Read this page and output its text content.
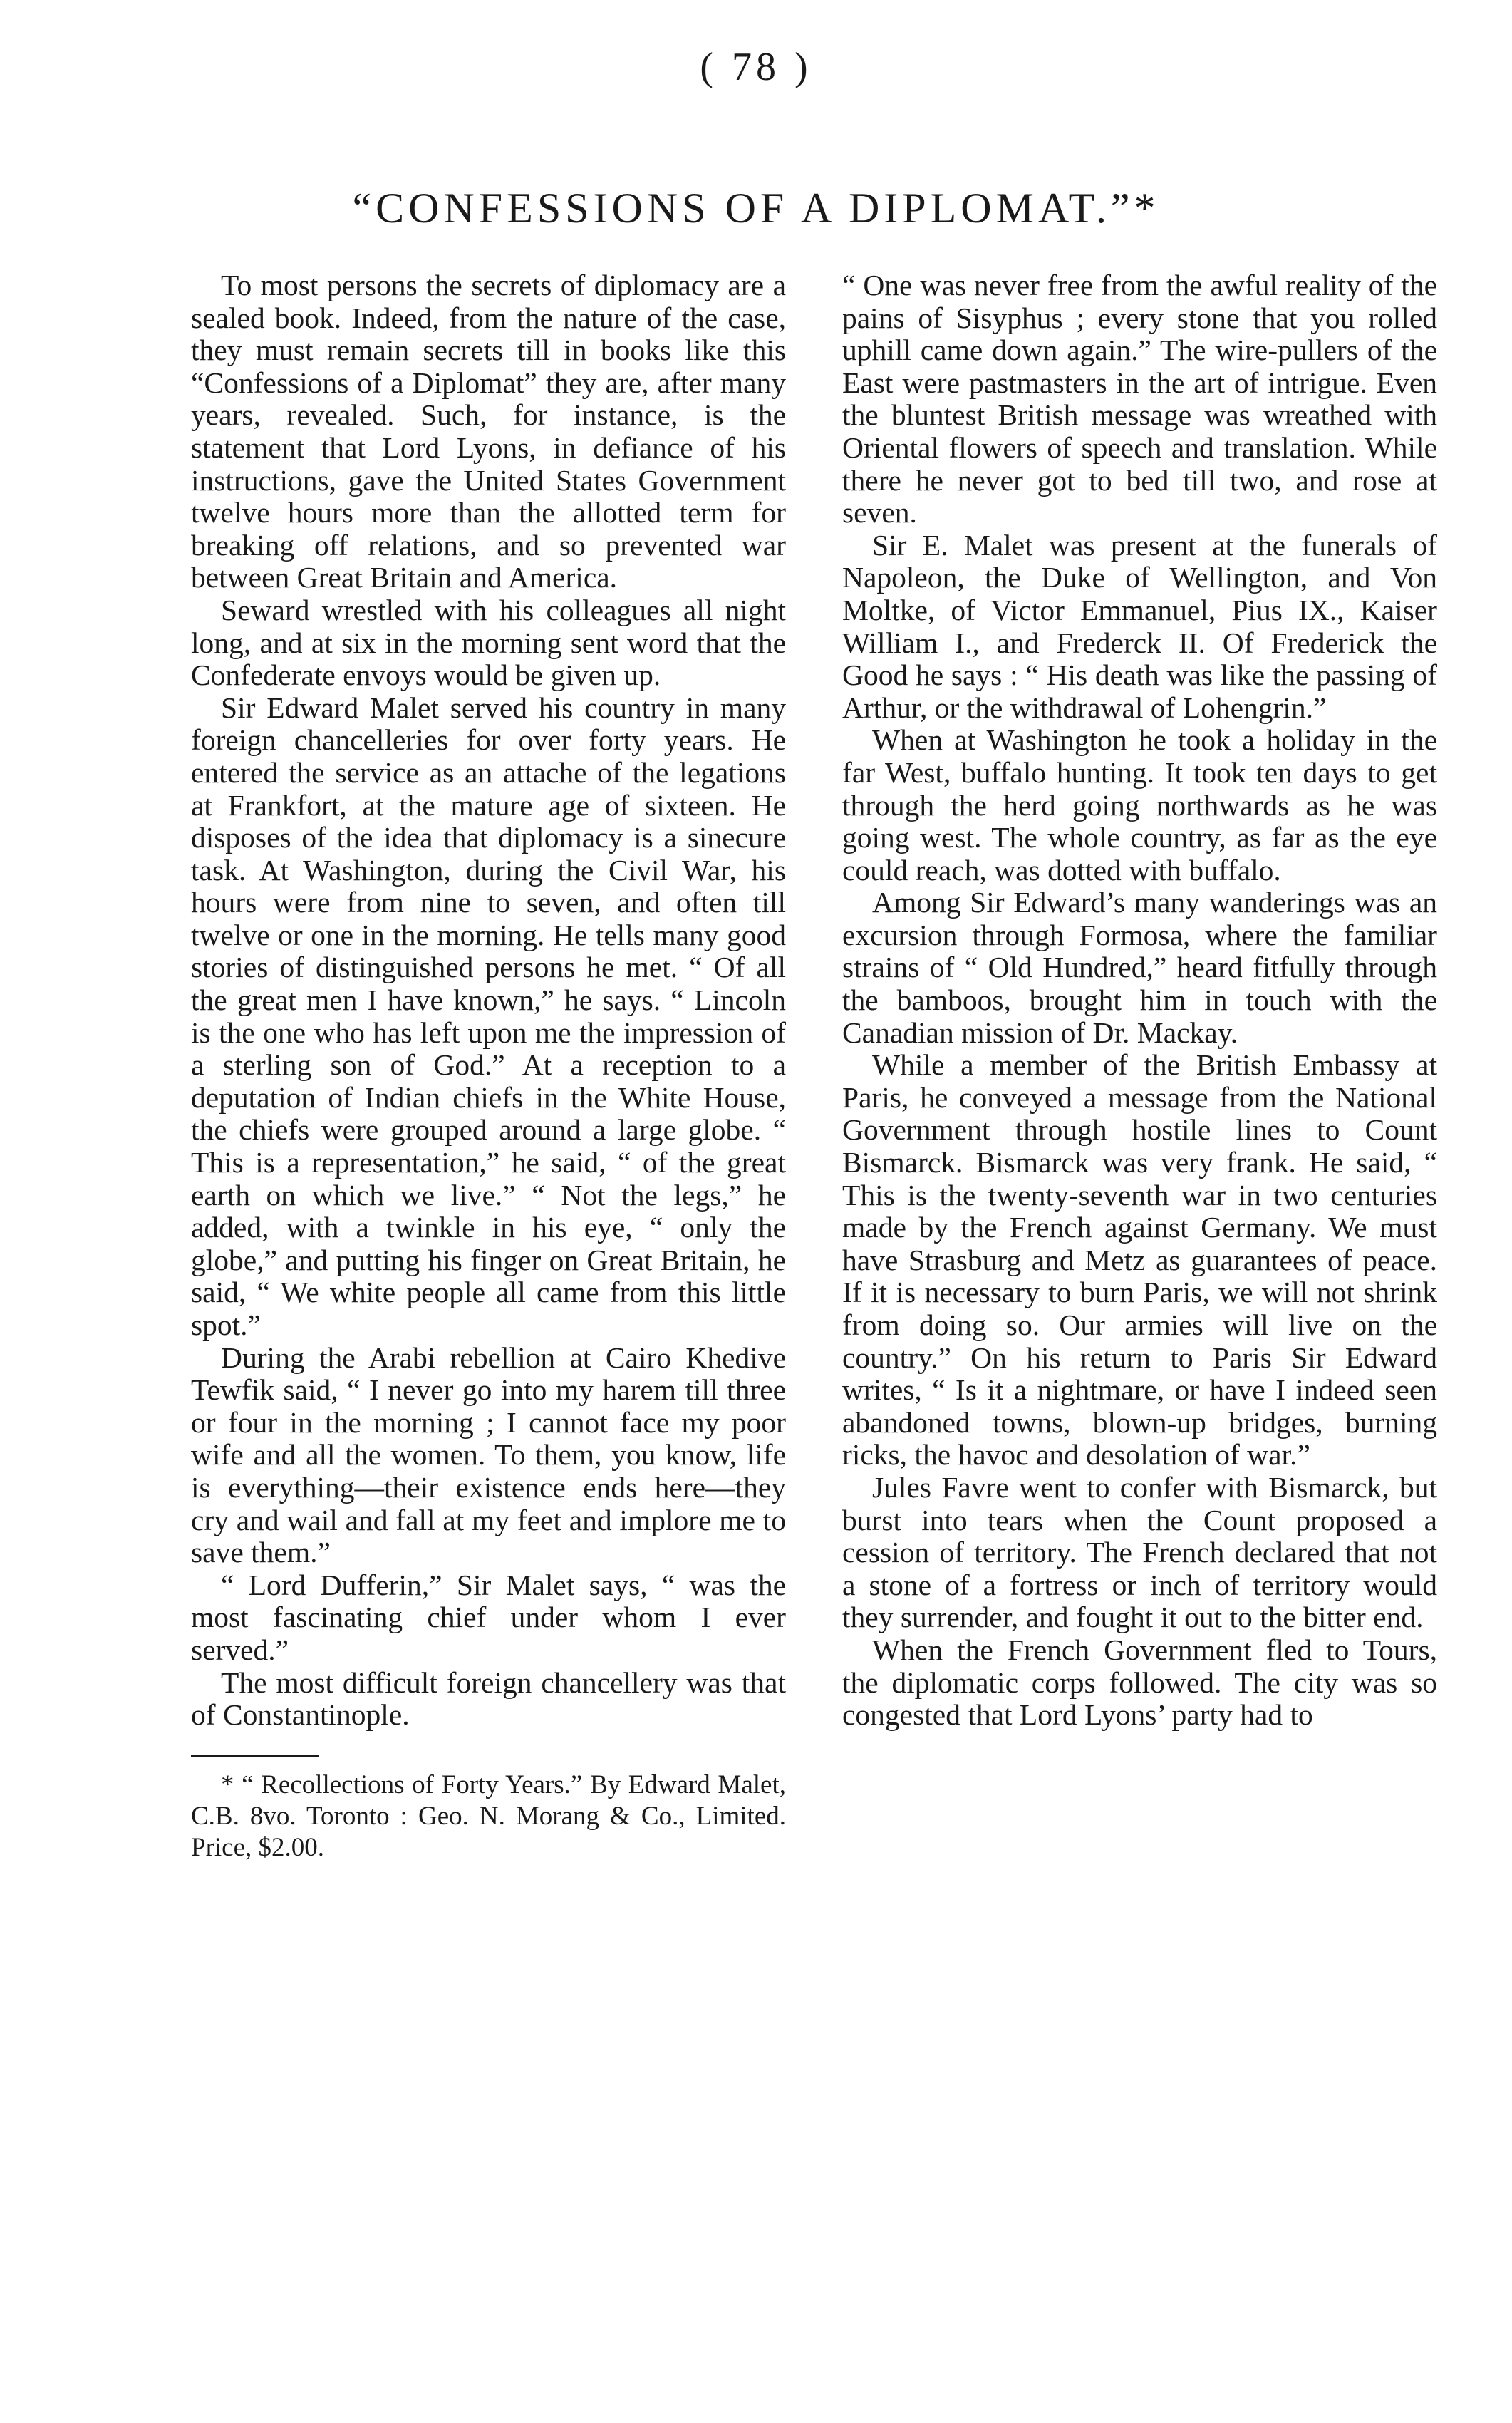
( 78 )
“CONFESSIONS OF A DIPLOMAT.”*

To most persons the secrets of diplomacy are a sealed book. Indeed, from the nature of the case, they must remain secrets till in books like this “Confessions of a Diplomat” they are, after many years, revealed. Such, for instance, is the statement that Lord Lyons, in defiance of his instructions, gave the United States Government twelve hours more than the allotted term for breaking off relations, and so prevented war between Great Britain and America.

Seward wrestled with his colleagues all night long, and at six in the morning sent word that the Confederate envoys would be given up.

Sir Edward Malet served his country in many foreign chancelleries for over forty years. He entered the service as an attache of the legations at Frankfort, at the mature age of sixteen. He disposes of the idea that diplomacy is a sinecure task. At Washington, during the Civil War, his hours were from nine to seven, and often till twelve or one in the morning. He tells many good stories of distinguished persons he met. “ Of all the great men I have known,” he says. “ Lincoln is the one who has left upon me the impression of a sterling son of God.” At a reception to a deputation of Indian chiefs in the White House, the chiefs were grouped around a large globe. “ This is a representation,” he said, “ of the great earth on which we live.” “ Not the legs,” he added, with a twinkle in his eye, “ only the globe,” and putting his finger on Great Britain, he said, “ We white people all came from this little spot.”

During the Arabi rebellion at Cairo Khedive Tewfik said, “ I never go into my harem till three or four in the morning ; I cannot face my poor wife and all the women. To them, you know, life is everything—their existence ends here—they cry and wail and fall at my feet and implore me to save them.”

“ Lord Dufferin,” Sir Malet says, “ was the most fascinating chief under whom I ever served.”

The most difficult foreign chancellery was that of Constantinople.

* “ Recollections of Forty Years.” By Edward Malet, C.B. 8vo. Toronto : Geo. N. Morang & Co., Limited. Price, $2.00.

“ One was never free from the awful reality of the pains of Sisyphus ; every stone that you rolled uphill came down again.” The wire-pullers of the East were pastmasters in the art of intrigue. Even the bluntest British message was wreathed with Oriental flowers of speech and translation. While there he never got to bed till two, and rose at seven.

Sir E. Malet was present at the funerals of Napoleon, the Duke of Wellington, and Von Moltke, of Victor Emmanuel, Pius IX., Kaiser William I., and Frederck II. Of Frederick the Good he says : “ His death was like the passing of Arthur, or the withdrawal of Lohengrin.”

When at Washington he took a holiday in the far West, buffalo hunting. It took ten days to get through the herd going northwards as he was going west. The whole country, as far as the eye could reach, was dotted with buffalo.

Among Sir Edward’s many wanderings was an excursion through Formosa, where the familiar strains of “ Old Hundred,” heard fitfully through the bamboos, brought him in touch with the Canadian mission of Dr. Mackay.

While a member of the British Embassy at Paris, he conveyed a message from the National Government through hostile lines to Count Bismarck. Bismarck was very frank. He said, “ This is the twenty-seventh war in two centuries made by the French against Germany. We must have Strasburg and Metz as guarantees of peace. If it is necessary to burn Paris, we will not shrink from doing so. Our armies will live on the country.” On his return to Paris Sir Edward writes, “ Is it a nightmare, or have I indeed seen abandoned towns, blown-up bridges, burning ricks, the havoc and desolation of war.”

Jules Favre went to confer with Bismarck, but burst into tears when the Count proposed a cession of territory. The French declared that not a stone of a fortress or inch of territory would they surrender, and fought it out to the bitter end.

When the French Government fled to Tours, the diplomatic corps followed. The city was so congested that Lord Lyons’ party had to
